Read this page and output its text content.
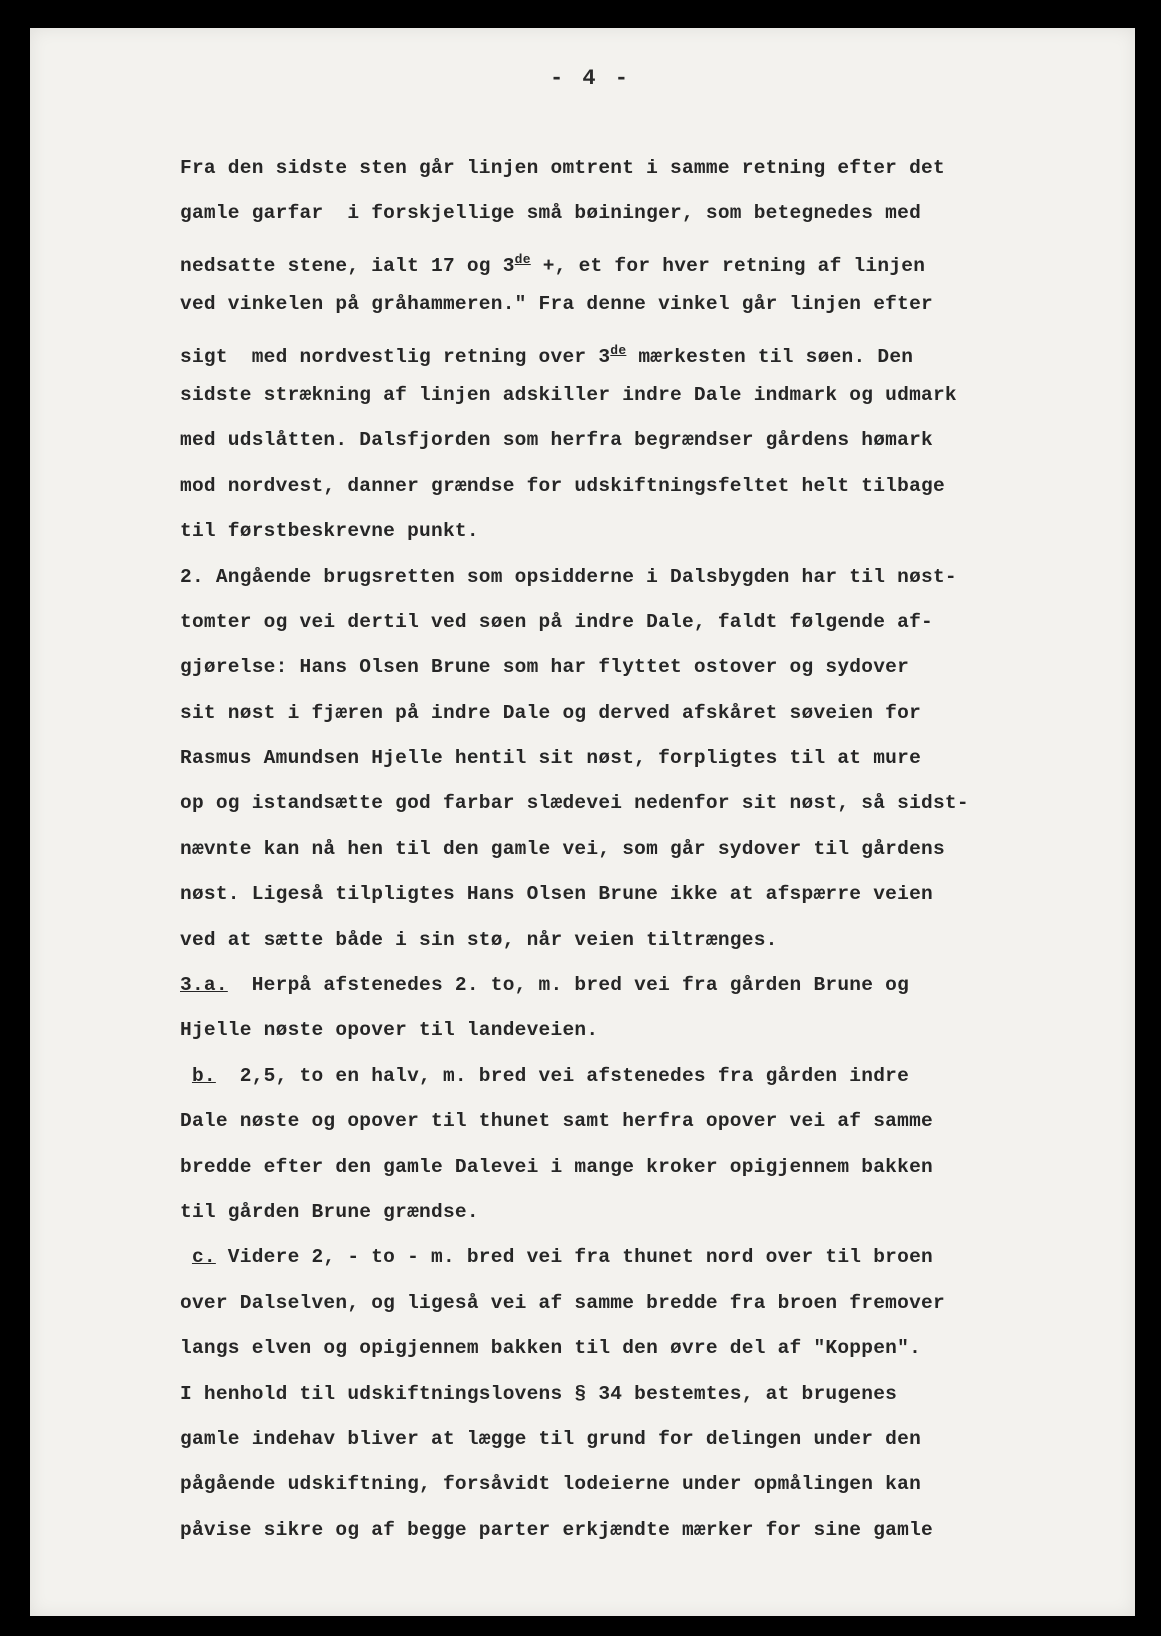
- 4 -
Fra den sidste sten går linjen omtrent i samme retning efter det
gamle garfar  i forskjellige små bøininger, som betegnedes med
nedsatte stene, ialt 17 og 3de +, et for hver retning af linjen
ved vinkelen på gråhammeren." Fra denne vinkel går linjen efter
sigt  med nordvestlig retning over 3de mærkesten til søen. Den
sidste strækning af linjen adskiller indre Dale indmark og udmark
med udslåtten. Dalsfjorden som herfra begrændser gårdens hømark
mod nordvest, danner grændse for udskiftningsfeltet helt tilbage
til førstbeskrevne punkt.
2. Angående brugsretten som opsidderne i Dalsbygden har til nøst-
tomter og vei dertil ved søen på indre Dale, faldt følgende af-
gjørelse: Hans Olsen Brune som har flyttet ostover og sydover
sit nøst i fjæren på indre Dale og derved afskåret søveien for
Rasmus Amundsen Hjelle hentil sit nøst, forpligtes til at mure
op og istandsætte god farbar slædevei nedenfor sit nøst, så sidst-
nævnte kan nå hen til den gamle vei, som går sydover til gårdens
nøst. Ligeså tilpligtes Hans Olsen Brune ikke at afspærre veien
ved at sætte både i sin stø, når veien tiltrænges.
3.a.  Herpå afstenedes 2. to, m. bred vei fra gården Brune og
Hjelle nøste opover til landeveien.
b.  2,5, to en halv, m. bred vei afstenedes fra gården indre
Dale nøste og opover til thunet samt herfra opover vei af samme
bredde efter den gamle Dalevei i mange kroker opigjennem bakken
til gården Brune grændse.
c. Videre 2, - to - m. bred vei fra thunet nord over til broen
over Dalselven, og ligeså vei af samme bredde fra broen fremover
langs elven og opigjennem bakken til den øvre del af "Koppen".
I henhold til udskiftningslovens § 34 bestemtes, at brugenes
gamle indehav bliver at lægge til grund for delingen under den
pågående udskiftning, forsåvidt lodeierne under opmålingen kan
påvise sikre og af begge parter erkjændte mærker for sine gamle
